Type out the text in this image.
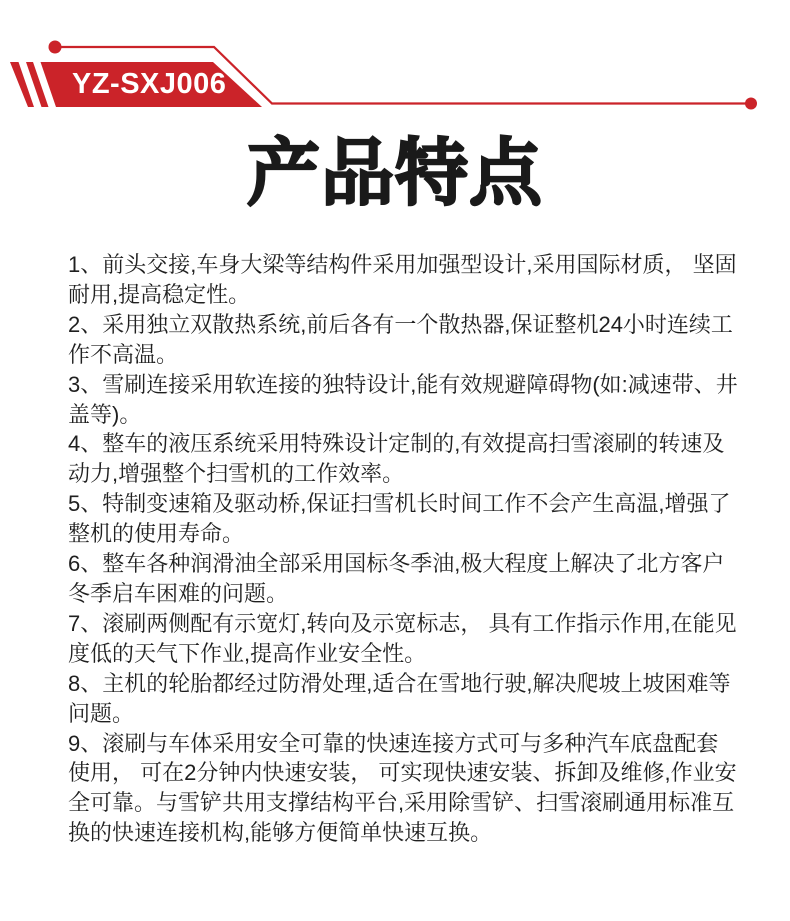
YZ-SXJ006
产品特点

1、前头交接,车身大梁等结构件采用加强型设计,采用国际材质， 坚固耐用,提高稳定性。

2、采用独立双散热系统,前后各有一个散热器,保证整机24小时连续工作不高温。

3、雪刷连接采用软连接的独特设计,能有效规避障碍物(如:减速带、井盖等)。

4、整车的液压系统采用特殊设计定制的,有效提高扫雪滚刷的转速及动力,增强整个扫雪机的工作效率。

5、特制变速箱及驱动桥,保证扫雪机长时间工作不会产生高温,增强了整机的使用寿命。

6、整车各种润滑油全部采用国标冬季油,极大程度上解决了北方客户冬季启车困难的问题。

7、滚刷两侧配有示宽灯,转向及示宽标志， 具有工作指示作用,在能见度低的天气下作业,提高作业安全性。

8、主机的轮胎都经过防滑处理,适合在雪地行驶,解决爬坡上坡困难等问题。

9、滚刷与车体采用安全可靠的快速连接方式可与多种汽车底盘配套使用， 可在2分钟内快速安装， 可实现快速安装、拆卸及维修,作业安全可靠。与雪铲共用支撑结构平台,采用除雪铲、扫雪滚刷通用标准互换的快速连接机构,能够方便简单快速互换。
